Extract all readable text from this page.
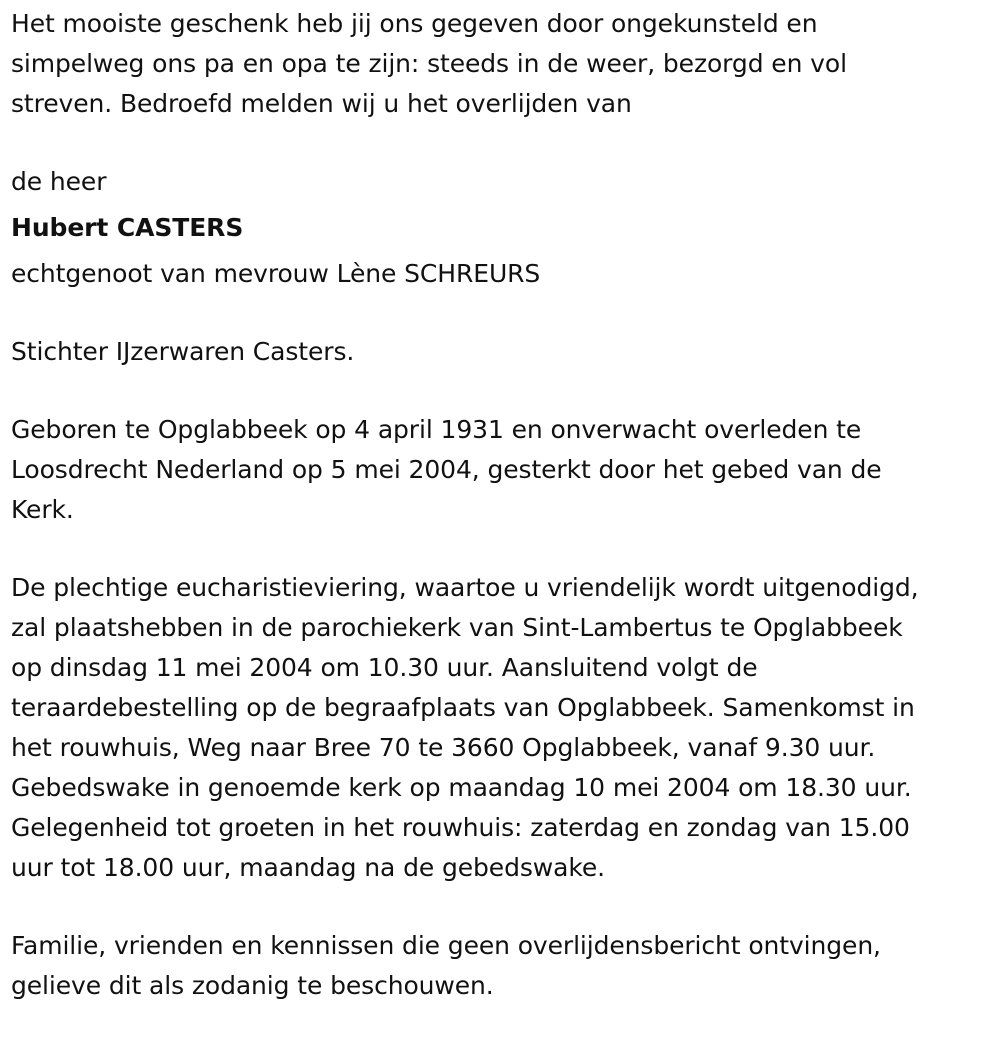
Het mooiste geschenk heb jij ons gegeven door ongekunsteld en
simpelweg ons pa en opa te zijn: steeds in de weer, bezorgd en vol
streven. Bedroefd melden wij u het overlijden van

de heer

Hubert CASTERS

echtgenoot van mevrouw Lène SCHREURS

Stichter IJzerwaren Casters.

Geboren te Opglabbeek op 4 april 1931 en onverwacht overleden te
Loosdrecht Nederland op 5 mei 2004, gesterkt door het gebed van de
Kerk.

De plechtige eucharistieviering, waartoe u vriendelijk wordt uitgenodigd,
zal plaatshebben in de parochiekerk van Sint-Lambertus te Opglabbeek
op dinsdag 11 mei 2004 om 10.30 uur. Aansluitend volgt de
teraardebestelling op de begraafplaats van Opglabbeek. Samenkomst in
het rouwhuis, Weg naar Bree 70 te 3660 Opglabbeek, vanaf 9.30 uur.
Gebedswake in genoemde kerk op maandag 10 mei 2004 om 18.30 uur.
Gelegenheid tot groeten in het rouwhuis: zaterdag en zondag van 15.00
uur tot 18.00 uur, maandag na de gebedswake.

Familie, vrienden en kennissen die geen overlijdensbericht ontvingen,
gelieve dit als zodanig te beschouwen.
